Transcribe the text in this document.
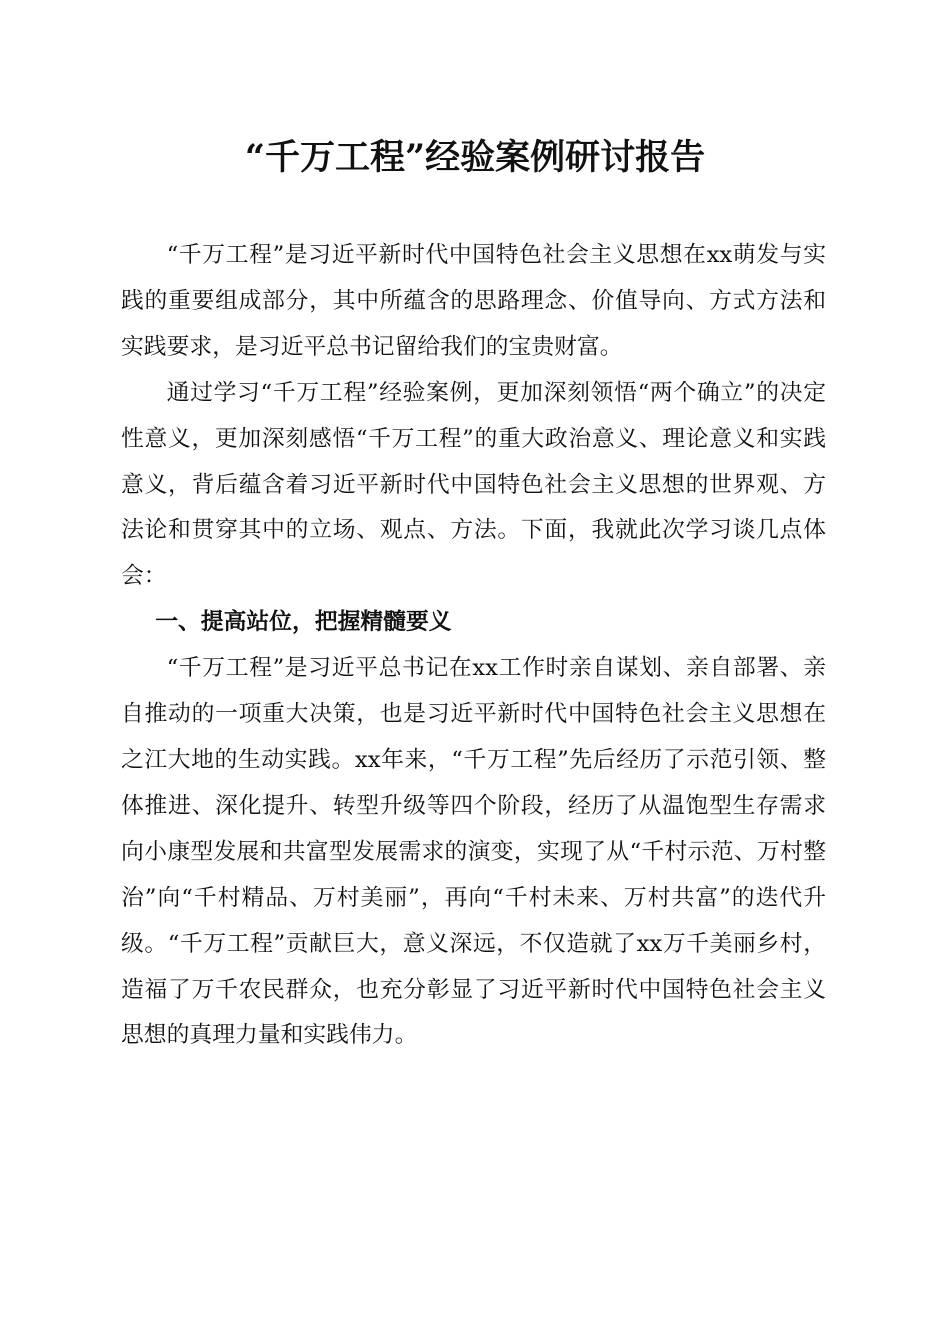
“千万工程”经验案例研讨报告

“千万工程”是习近平新时代中国特色社会主义思想在xx萌发与实践的重要组成部分，其中所蕴含的思路理念、价值导向、方式方法和实践要求，是习近平总书记留给我们的宝贵财富。

通过学习“千万工程”经验案例，更加深刻领悟“两个确立”的决定性意义，更加深刻感悟“千万工程”的重大政治意义、理论意义和实践意义，背后蕴含着习近平新时代中国特色社会主义思想的世界观、方法论和贯穿其中的立场、观点、方法。下面，我就此次学习谈几点体会：

一、提高站位，把握精髓要义

“千万工程”是习近平总书记在xx工作时亲自谋划、亲自部署、亲自推动的一项重大决策，也是习近平新时代中国特色社会主义思想在之江大地的生动实践。xx年来，“千万工程”先后经历了示范引领、整体推进、深化提升、转型升级等四个阶段，经历了从温饱型生存需求向小康型发展和共富型发展需求的演变，实现了从“千村示范、万村整治”向“千村精品、万村美丽”，再向“千村未来、万村共富”的迭代升级。“千万工程”贡献巨大，意义深远，不仅造就了xx万千美丽乡村，造福了万千农民群众，也充分彰显了习近平新时代中国特色社会主义思想的真理力量和实践伟力。
